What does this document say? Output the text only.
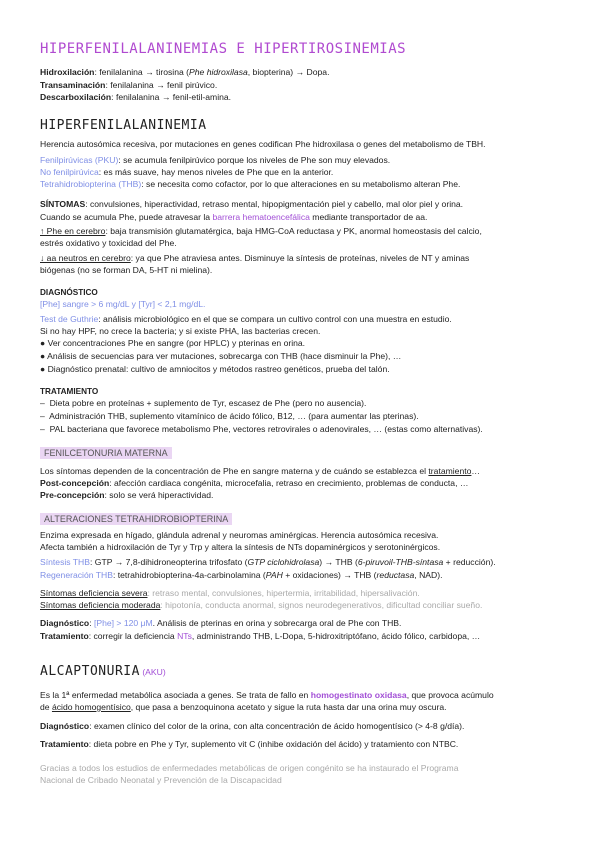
HIPERFENILALANINEMIAS E HIPERTIROSINEMIAS
Hidroxilación: fenilalanina → tirosina (Phe hidroxilasa, biopterina) → Dopa.
Transaminación: fenilalanina → fenil pirúvico.
Descarboxilación: fenilalanina → fenil-etil-amina.
HIPERFENILALANINEMIA
Herencia autosómica recesiva, por mutaciones en genes codifican Phe hidroxilasa o genes del metabolismo de TBH.
Fenilpirúvicas (PKU): se acumula fenilpirúvico porque los niveles de Phe son muy elevados.
No fenilpirúvica: es más suave, hay menos niveles de Phe que en la anterior.
Tetrahidrobiopterina (THB): se necesita como cofactor, por lo que alteraciones en su metabolismo alteran Phe.
SÍNTOMAS: convulsiones, hiperactividad, retraso mental, hipopigmentación piel y cabello, mal olor piel y orina.
Cuando se acumula Phe, puede atravesar la barrera hematoencefálica mediante transportador de aa.
↑ Phe en cerebro: baja transmisión glutamatérgica, baja HMG-CoA reductasa y PK, anormal homeostasis del calcio,
estrés oxidativo y toxicidad del Phe.
↓ aa neutros en cerebro: ya que Phe atraviesa antes. Disminuye la síntesis de proteínas, niveles de NT y aminas
biógenas (no se forman DA, 5-HT ni mielina).
DIAGNÓSTICO
[Phe] sangre > 6 mg/dL y [Tyr] < 2,1 mg/dL.
Test de Guthrie: análisis microbiológico en el que se compara un cultivo control con una muestra en estudio.
Si no hay HPF, no crece la bacteria; y si existe PHA, las bacterias crecen.
● Ver concentraciones Phe en sangre (por HPLC) y pterinas en orina.
● Análisis de secuencias para ver mutaciones, sobrecarga con THB (hace disminuir la Phe), …
● Diagnóstico prenatal: cultivo de amniocitos y métodos rastreo genéticos, prueba del talón.
TRATAMIENTO
–  Dieta pobre en proteínas + suplemento de Tyr, escasez de Phe (pero no ausencia).
–  Administración THB, suplemento vitamínico de ácido fólico, B12, … (para aumentar las pterinas).
–  PAL bacteriana que favorece metabolismo Phe, vectores retrovirales o adenovirales, … (estas como alternativas).
FENILCETONURIA MATERNA
Los síntomas dependen de la concentración de Phe en sangre materna y de cuándo se establezca el tratamiento…
Post-concepción: afección cardiaca congénita, microcefalia, retraso en crecimiento, problemas de conducta, …
Pre-concepción: solo se verá hiperactividad.
ALTERACIONES TETRAHIDROBIOPTERINA
Enzima expresada en hígado, glándula adrenal y neuromas aminérgicas. Herencia autosómica recesiva.
Afecta también a hidroxilación de Tyr y Trp y altera la síntesis de NTs dopaminérgicos y serotoninérgicos.
Síntesis THB: GTP → 7,8-dihidroneopterina trifosfato (GTP ciclohidrolasa) → THB (6-piruvoil-THB-síntasa + reducción).
Regeneración THB: tetrahidrobiopterina-4a-carbinolamina (PAH + oxidaciones) → THB (reductasa, NAD).
Síntomas deficiencia severa: retraso mental, convulsiones, hipertermia, irritabilidad, hipersalivación.
Síntomas deficiencia moderada: hipotonía, conducta anormal, signos neurodegenerativos, dificultad conciliar sueño.
Diagnóstico: [Phe] > 120 μM. Análisis de pterinas en orina y sobrecarga oral de Phe con THB.
Tratamiento: corregir la deficiencia NTs, administrando THB, L-Dopa, 5-hidroxitriptófano, ácido fólico, carbidopa, …
ALCAPTONURIA (AKU)
Es la 1ª enfermedad metabólica asociada a genes. Se trata de fallo en homogestinato oxidasa, que provoca acúmulo
de ácido homogentísico, que pasa a benzoquinona acetato y sigue la ruta hasta dar una orina muy oscura.
Diagnóstico: examen clínico del color de la orina, con alta concentración de ácido homogentísico (> 4-8 g/día).
Tratamiento: dieta pobre en Phe y Tyr, suplemento vit C (inhibe oxidación del ácido) y tratamiento con NTBC.
Gracias a todos los estudios de enfermedades metabólicas de origen congénito se ha instaurado el Programa
Nacional de Cribado Neonatal y Prevención de la Discapacidad
